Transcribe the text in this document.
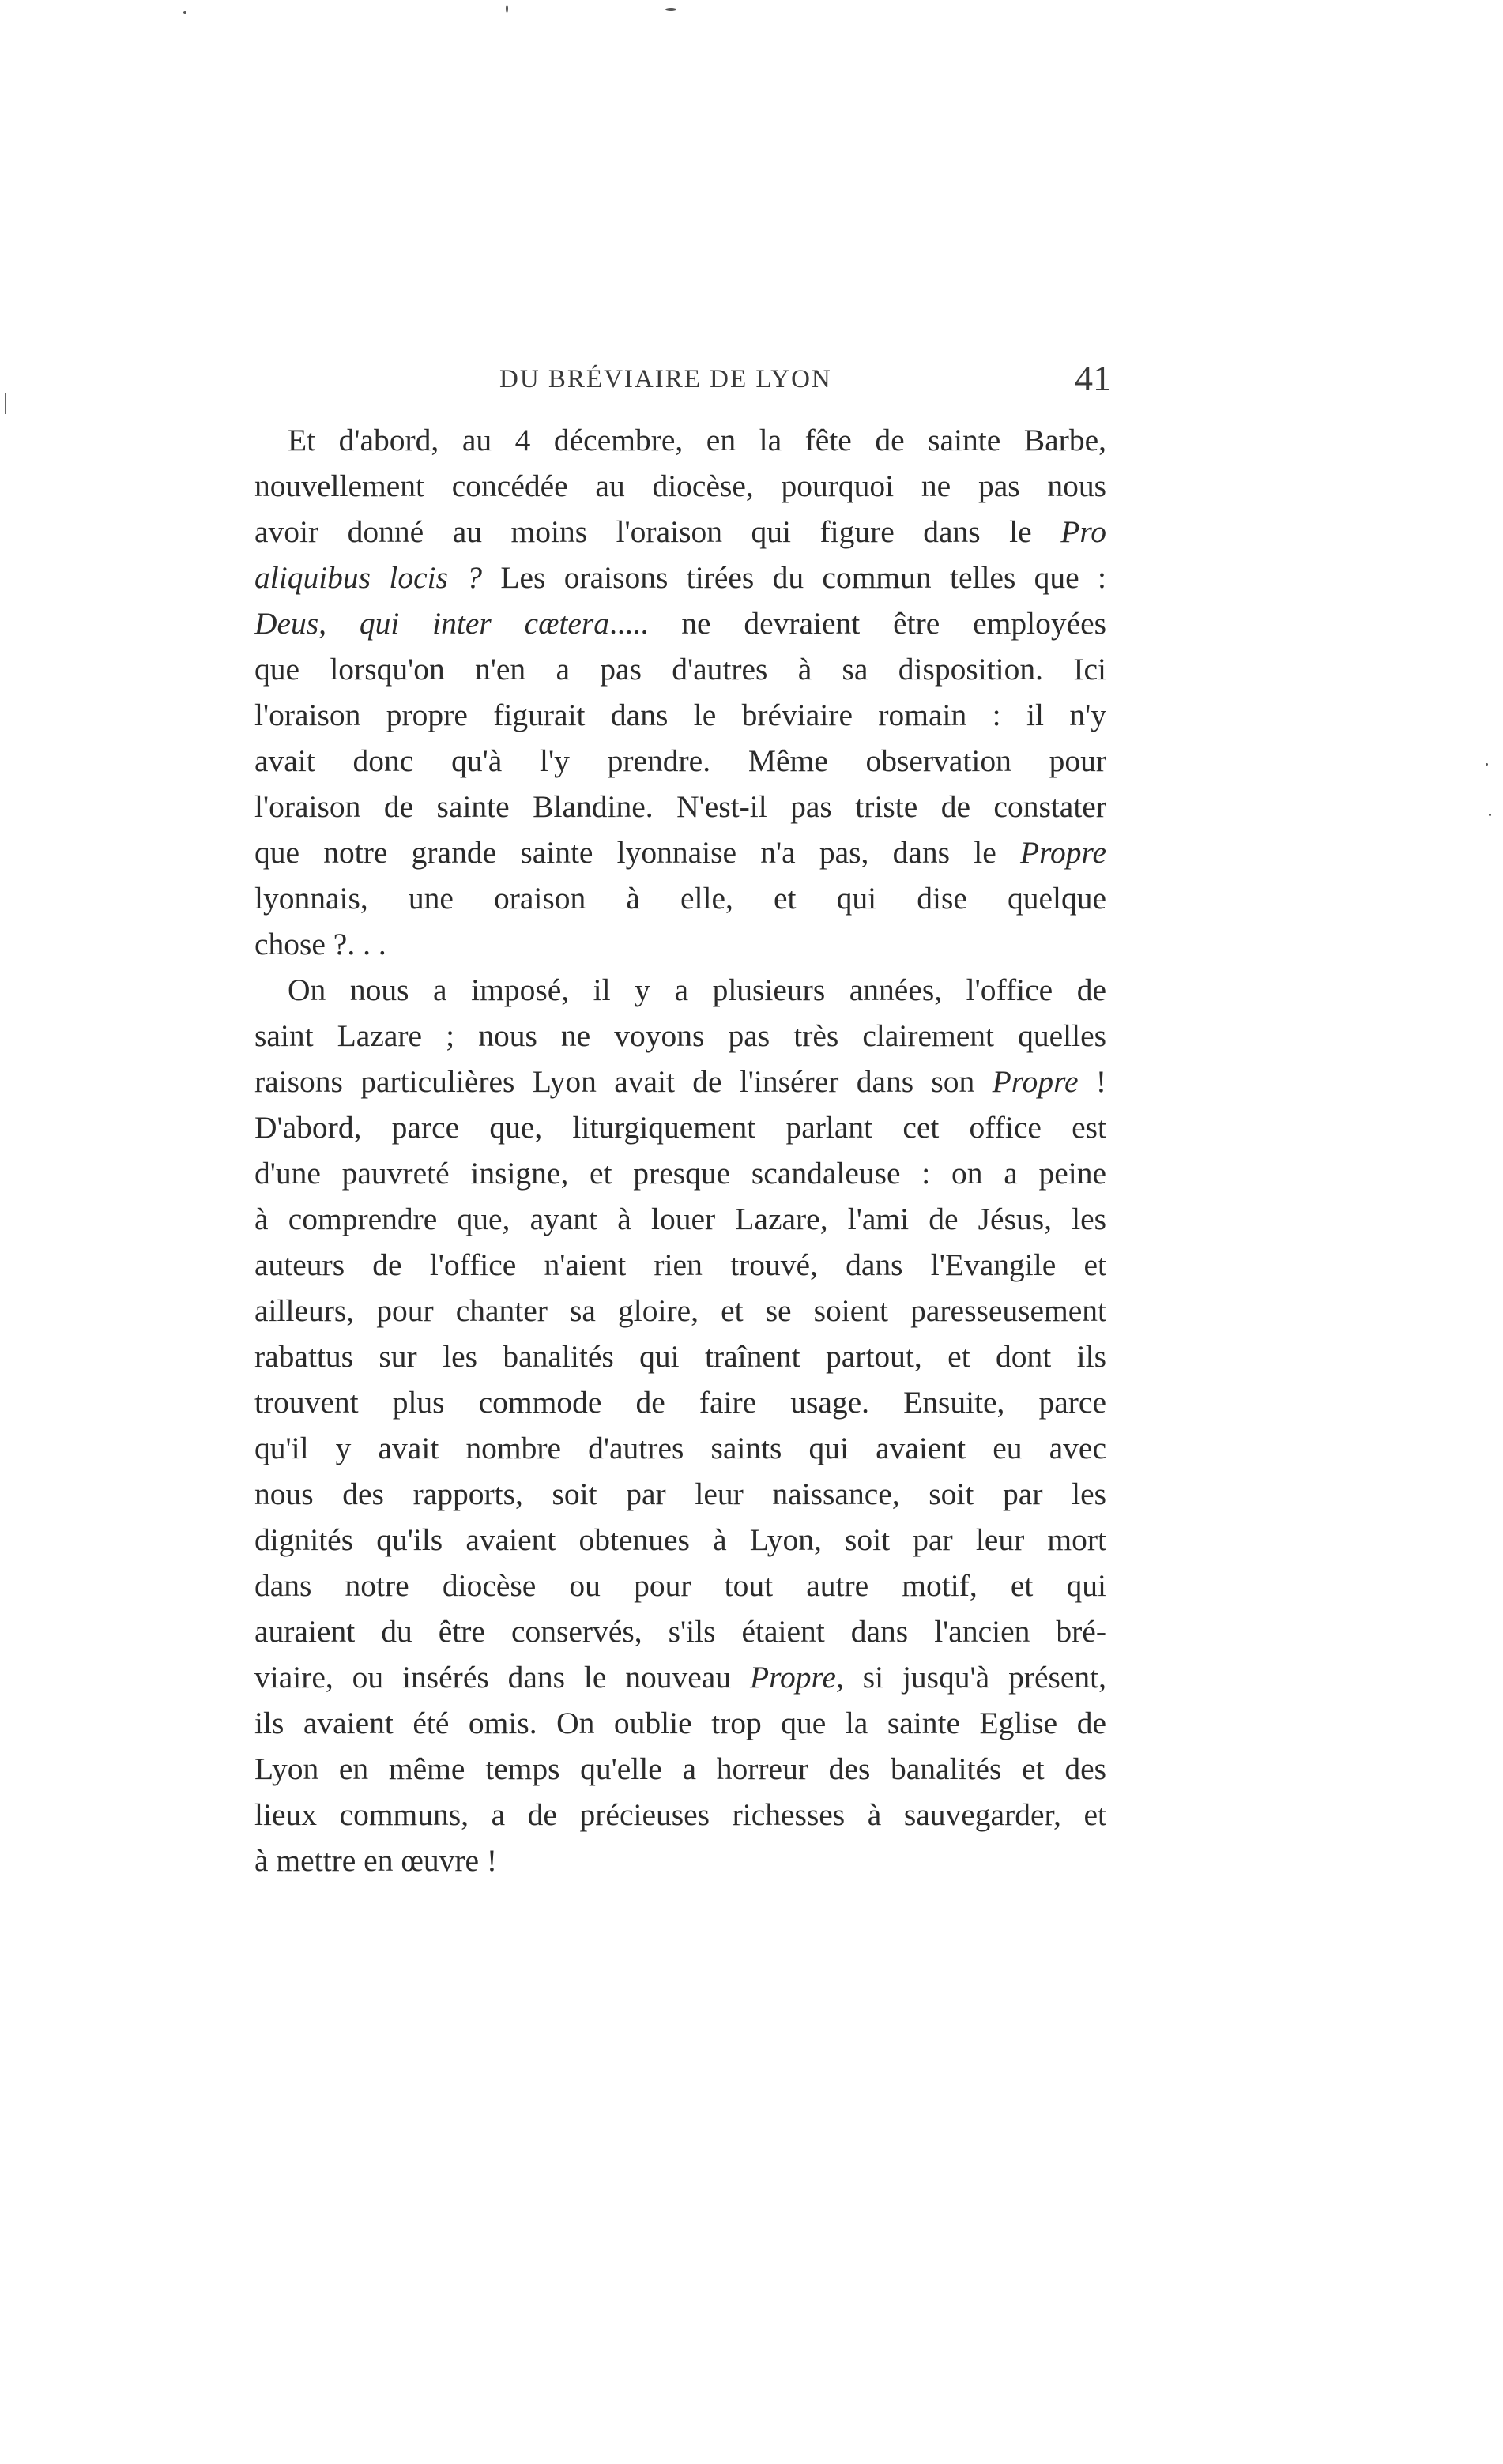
DU BRÉVIAIRE DE LYON	41
Et d'abord, au 4 décembre, en la fête de sainte Barbe,
nouvellement concédée au diocèse, pourquoi ne pas nous
avoir donné au moins l'oraison qui figure dans le Pro
aliquibus locis ? Les oraisons tirées du commun telles que :
Deus, qui inter cætera..... ne devraient être employées
que lorsqu'on n'en a pas d'autres à sa disposition. Ici
l'oraison propre figurait dans le bréviaire romain : il n'y
avait donc qu'à l'y prendre. Même observation pour
l'oraison de sainte Blandine. N'est-il pas triste de constater
que notre grande sainte lyonnaise n'a pas, dans le Propre
lyonnais, une oraison à elle, et qui dise quelque
chose ?. . .
On nous a imposé, il y a plusieurs années, l'office de
saint Lazare ; nous ne voyons pas très clairement quelles
raisons particulières Lyon avait de l'insérer dans son Propre !
D'abord, parce que, liturgiquement parlant cet office est
d'une pauvreté insigne, et presque scandaleuse : on a peine
à comprendre que, ayant à louer Lazare, l'ami de Jésus, les
auteurs de l'office n'aient rien trouvé, dans l'Evangile et
ailleurs, pour chanter sa gloire, et se soient paresseusement
rabattus sur les banalités qui traînent partout, et dont ils
trouvent plus commode de faire usage. Ensuite, parce
qu'il y avait nombre d'autres saints qui avaient eu avec
nous des rapports, soit par leur naissance, soit par les
dignités qu'ils avaient obtenues à Lyon, soit par leur mort
dans notre diocèse ou pour tout autre motif, et qui
auraient du être conservés, s'ils étaient dans l'ancien bré-
viaire, ou insérés dans le nouveau Propre, si jusqu'à présent,
ils avaient été omis. On oublie trop que la sainte Eglise de
Lyon en même temps qu'elle a horreur des banalités et des
lieux communs, a de précieuses richesses à sauvegarder, et
à mettre en œuvre !
